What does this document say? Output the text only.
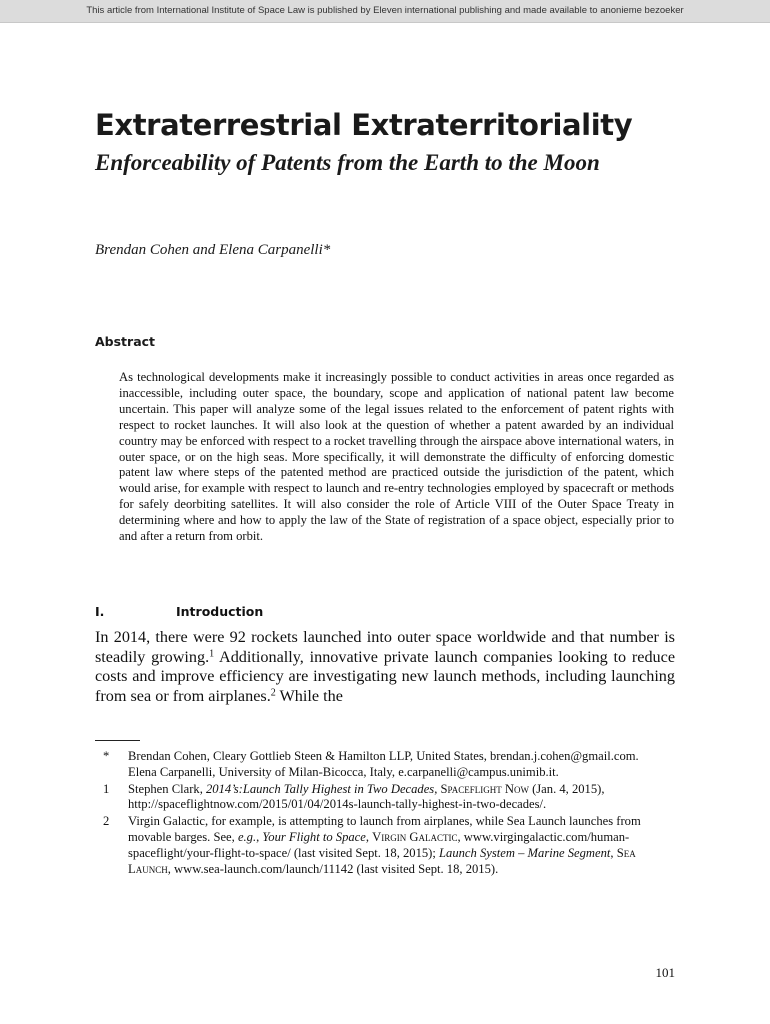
This article from International Institute of Space Law is published by Eleven international publishing and made available to anonieme bezoeker
Extraterrestrial Extraterritoriality
Enforceability of Patents from the Earth to the Moon

Brendan Cohen and Elena Carpanelli*

Abstract

As technological developments make it increasingly possible to conduct activities in areas once regarded as inaccessible, including outer space, the boundary, scope and application of national patent law become uncertain. This paper will analyze some of the legal issues related to the enforcement of patent rights with respect to rocket launches. It will also look at the question of whether a patent awarded by an individual country may be enforced with respect to a rocket travelling through the airspace above international waters, in outer space, or on the high seas. More specifically, it will demonstrate the difficulty of enforcing domestic patent law where steps of the patented method are practiced outside the jurisdiction of the patent, which would arise, for example with respect to launch and re-entry technologies employed by spacecraft or methods for safely deorbiting satellites. It will also consider the role of Article VIII of the Outer Space Treaty in determining where and how to apply the law of the State of registration of a space object, especially prior to and after a return from orbit.

I.	Introduction

In 2014, there were 92 rockets launched into outer space worldwide and that number is steadily growing.$^1$ Additionally, innovative private launch companies looking to reduce costs and improve efficiency are investigating new launch methods, including launching from sea or from airplanes.$^2$ While the

*	Brendan Cohen, Cleary Gottlieb Steen & Hamilton LLP, United States, brendan.j.cohen@gmail.com. Elena Carpanelli, University of Milan-Bicocca, Italy, e.carpanelli@campus.unimib.it.
1	Stephen Clark, 2014’s:Launch Tally Highest in Two Decades, Spaceflight Now (Jan. 4, 2015), http://spaceflightnow.com/2015/01/04/2014s-launch-tally-highest-in-two-decades/.
2	Virgin Galactic, for example, is attempting to launch from airplanes, while Sea Launch launches from movable barges. See, e.g., Your Flight to Space, Virgin Galactic, www.virgingalactic.com/human-spaceflight/your-flight-to-space/ (last visited Sept. 18, 2015); Launch System – Marine Segment, Sea Launch, www.sea-launch.com/launch/11142 (last visited Sept. 18, 2015).
101
